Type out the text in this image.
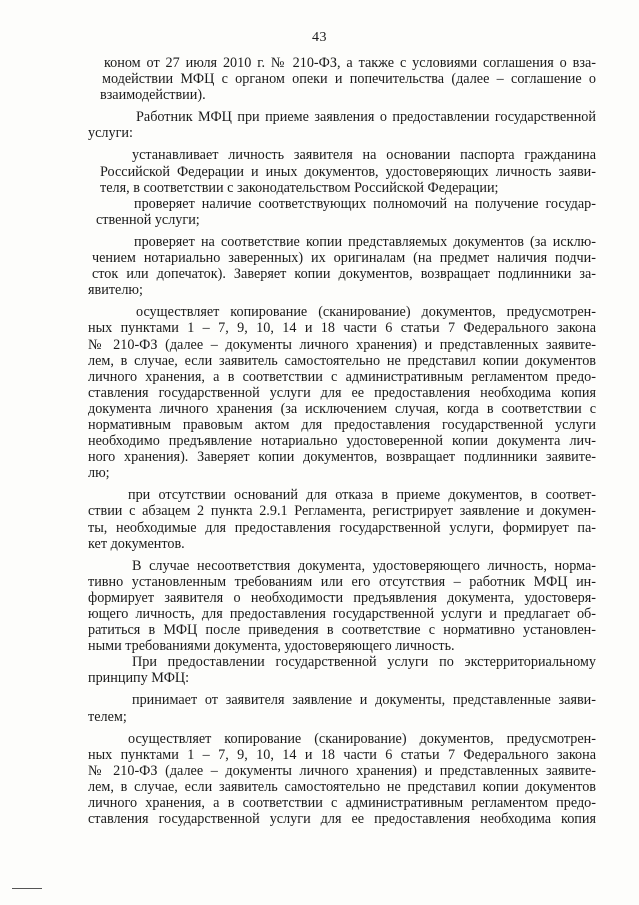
43
коном от 27 июля 2010 г. № 210-ФЗ, а также с условиями соглашения о вза-
модействии МФЦ с органом опеки и попечительства (далее – соглашение о
взаимодействии).
Работник МФЦ при приеме заявления о предоставлении государственной
услуги:
устанавливает личность заявителя на основании паспорта гражданина
Российской Федерации и иных документов, удостоверяющих личность заяви-
теля, в соответствии с законодательством Российской Федерации;
проверяет наличие соответствующих полномочий на получение государ-
ственной услуги;
проверяет на соответствие копии представляемых документов (за исклю-
чением нотариально заверенных) их оригиналам (на предмет наличия подчи-
сток или допечаток). Заверяет копии документов, возвращает подлинники за-
явителю;
осуществляет копирование (сканирование) документов, предусмотрен-
ных пунктами 1 – 7, 9, 10, 14 и 18 части 6 статьи 7 Федерального закона
№ 210-ФЗ (далее – документы личного хранения) и представленных заявите-
лем, в случае, если заявитель самостоятельно не представил копии документов
личного хранения, а в соответствии с административным регламентом предо-
ставления государственной услуги для ее предоставления необходима копия
документа личного хранения (за исключением случая, когда в соответствии с
нормативным правовым актом для предоставления государственной услуги
необходимо предъявление нотариально удостоверенной копии документа лич-
ного хранения). Заверяет копии документов, возвращает подлинники заявите-
лю;
при отсутствии оснований для отказа в приеме документов, в соответ-
ствии с абзацем 2 пункта 2.9.1 Регламента, регистрирует заявление и докумен-
ты, необходимые для предоставления государственной услуги, формирует па-
кет документов.
В случае несоответствия документа, удостоверяющего личность, норма-
тивно установленным требованиям или его отсутствия – работник МФЦ ин-
формирует заявителя о необходимости предъявления документа, удостоверя-
ющего личность, для предоставления государственной услуги и предлагает об-
ратиться в МФЦ после приведения в соответствие с нормативно установлен-
ными требованиями документа, удостоверяющего личность.
При предоставлении государственной услуги по экстерриториальному
принципу МФЦ:
принимает от заявителя заявление и документы, представленные заяви-
телем;
осуществляет копирование (сканирование) документов, предусмотрен-
ных пунктами 1 – 7, 9, 10, 14 и 18 части 6 статьи 7 Федерального закона
№ 210-ФЗ (далее – документы личного хранения) и представленных заявите-
лем, в случае, если заявитель самостоятельно не представил копии документов
личного хранения, а в соответствии с административным регламентом предо-
ставления государственной услуги для ее предоставления необходима копия
